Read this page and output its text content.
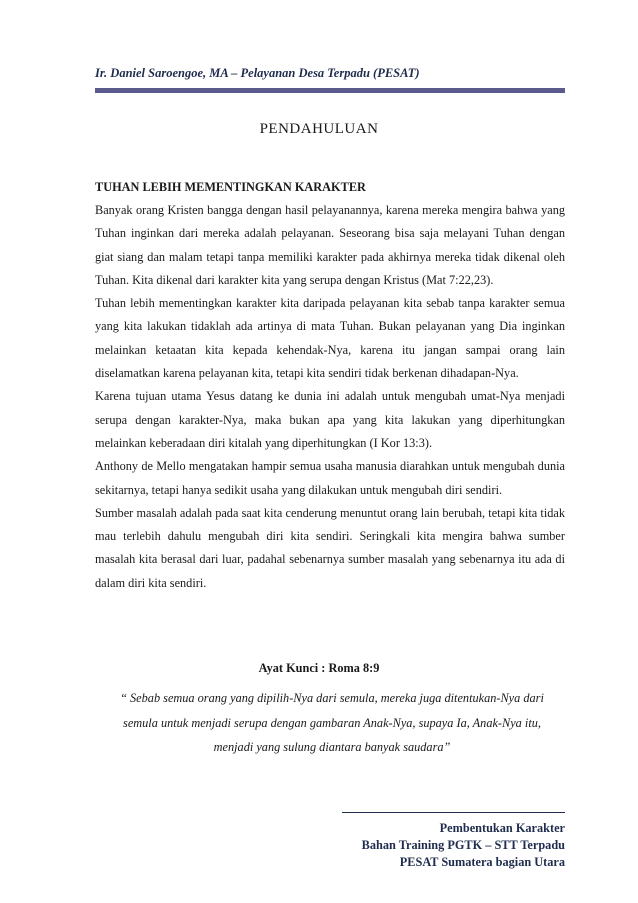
Ir. Daniel Saroengoe, MA – Pelayanan Desa Terpadu (PESAT)
PENDAHULUAN
TUHAN LEBIH MEMENTINGKAN KARAKTER

Banyak orang Kristen bangga dengan hasil pelayanannya, karena mereka mengira bahwa yang Tuhan inginkan dari mereka adalah pelayanan. Seseorang bisa saja melayani Tuhan dengan giat siang dan malam tetapi tanpa memiliki karakter pada akhirnya mereka tidak dikenal oleh Tuhan. Kita dikenal dari karakter kita yang serupa dengan Kristus (Mat 7:22,23).

Tuhan lebih mementingkan karakter kita daripada pelayanan kita sebab tanpa karakter semua yang kita lakukan tidaklah ada artinya di mata Tuhan. Bukan pelayanan yang Dia inginkan melainkan ketaatan kita kepada kehendak-Nya, karena itu jangan sampai orang lain diselamatkan karena pelayanan kita, tetapi kita sendiri tidak berkenan dihadapan-Nya.

Karena tujuan utama Yesus datang ke dunia ini adalah untuk mengubah umat-Nya menjadi serupa dengan karakter-Nya, maka bukan apa yang kita lakukan yang diperhitungkan melainkan keberadaan diri kitalah yang diperhitungkan (I Kor 13:3).

Anthony de Mello mengatakan hampir semua usaha manusia diarahkan untuk mengubah dunia sekitarnya, tetapi hanya sedikit usaha yang dilakukan untuk mengubah diri sendiri.

Sumber masalah adalah pada saat kita cenderung menuntut orang lain berubah, tetapi kita tidak mau terlebih dahulu mengubah diri kita sendiri. Seringkali kita mengira bahwa sumber masalah kita berasal dari luar, padahal sebenarnya sumber masalah yang sebenarnya itu ada di dalam diri kita sendiri.

Ayat Kunci : Roma 8:9
“ Sebab semua orang yang dipilih-Nya dari semula, mereka juga ditentukan-Nya dari
semula untuk menjadi serupa dengan gambaran Anak-Nya, supaya Ia, Anak-Nya itu,
menjadi yang sulung diantara banyak saudara”
Pembentukan Karakter
Bahan Training PGTK – STT Terpadu
PESAT Sumatera bagian Utara
